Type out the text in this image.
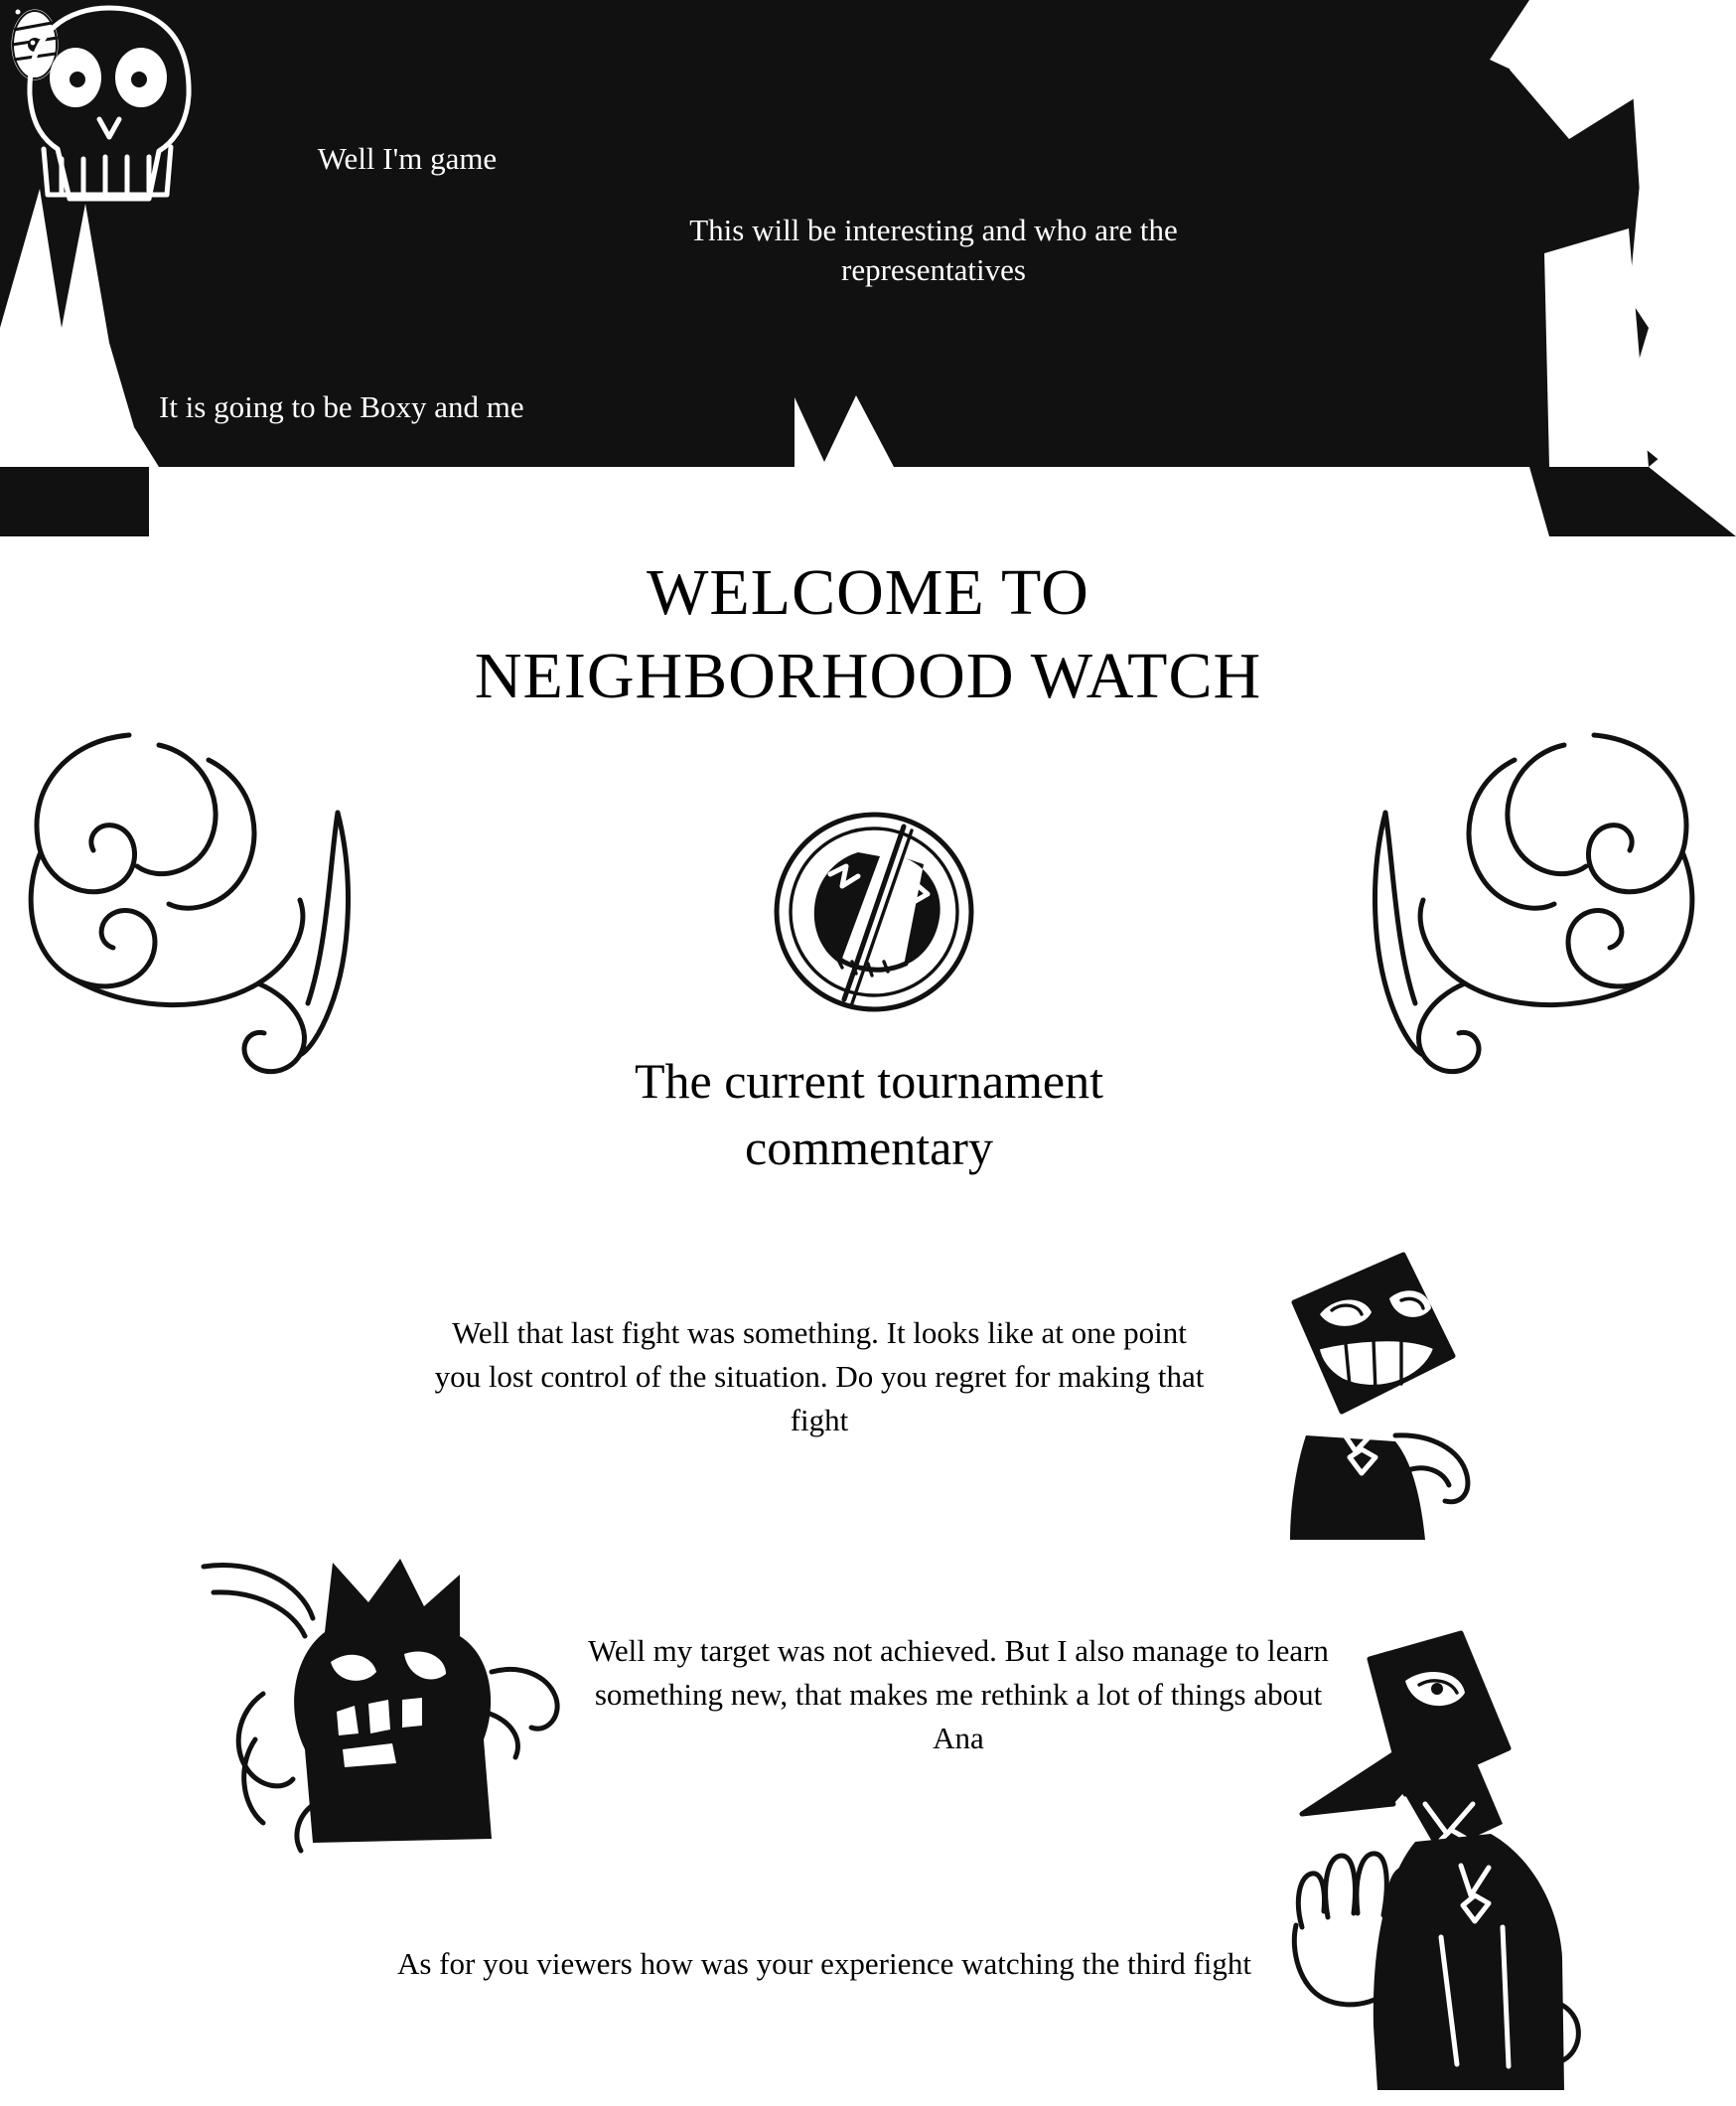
Well I'm game
This will be interesting and who are the representatives
It is going to be Boxy and me
WELCOME TO
NEIGHBORHOOD WATCH
The current tournament
commentary
Well that last fight was something. It looks like at one point you lost control of the situation. Do you regret for making that fight
Well my target was not achieved. But I also manage to learn something new, that makes me rethink a lot of things about Ana
As for you viewers how was your experience watching the third fight
